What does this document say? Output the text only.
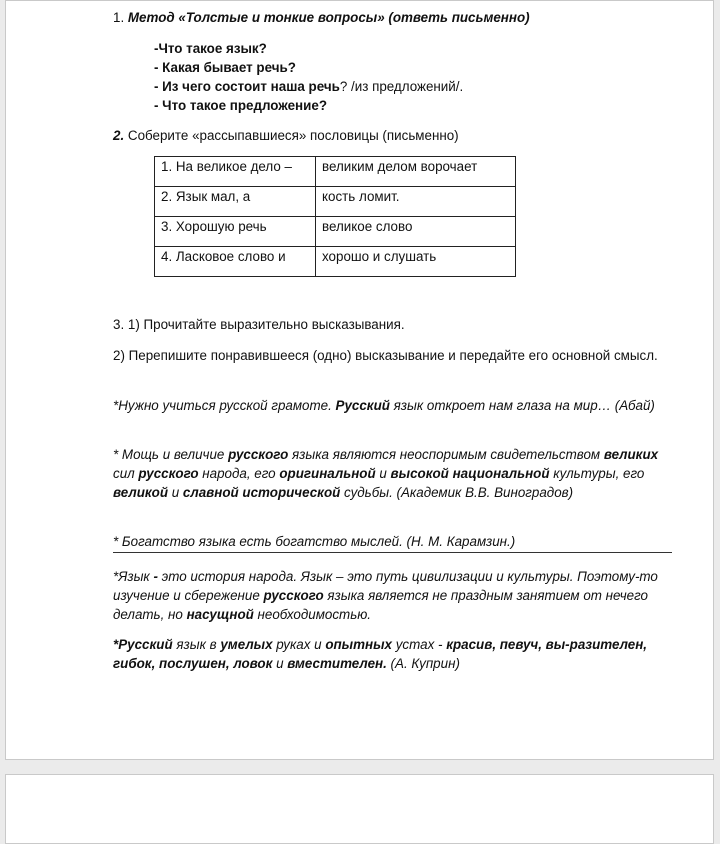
1. Метод «Толстые и тонкие вопросы» (ответь письменно)
-Что такое язык?
- Какая бывает речь?
- Из чего состоит наша речь? /из предложений/.
- Что такое предложение?
2. Соберите «рассыпавшиеся» пословицы (письменно)
1. На великое дело –	великим делом ворочает
2. Язык мал, а	кость ломит.
3. Хорошую речь	великое слово
4. Ласковое слово и	хорошо и слушать
3. 1) Прочитайте выразительно высказывания.
2) Перепишите понравившееся (одно) высказывание и передайте его основной смысл.
*Нужно учиться русской грамоте. Русский язык откроет нам глаза на мир… (Абай)
* Мощь и величие русского языка являются неоспоримым свидетельством великих сил русского народа, его оригинальной и высокой национальной культуры, его великой и славной исторической судьбы. (Академик В.В. Виноградов)
* Богатство языка есть богатство мыслей. (Н. М. Карамзин.)
*Язык - это история народа. Язык – это путь цивилизации и культуры. Поэтому-то изучение и сбережение русского языка является не праздным занятием от нечего делать, но насущной необходимостью.
*Русский язык в умелых руках и опытных устах - красив, певуч, вы-разителен, гибок, послушен, ловок и вместителен. (А. Куприн)
